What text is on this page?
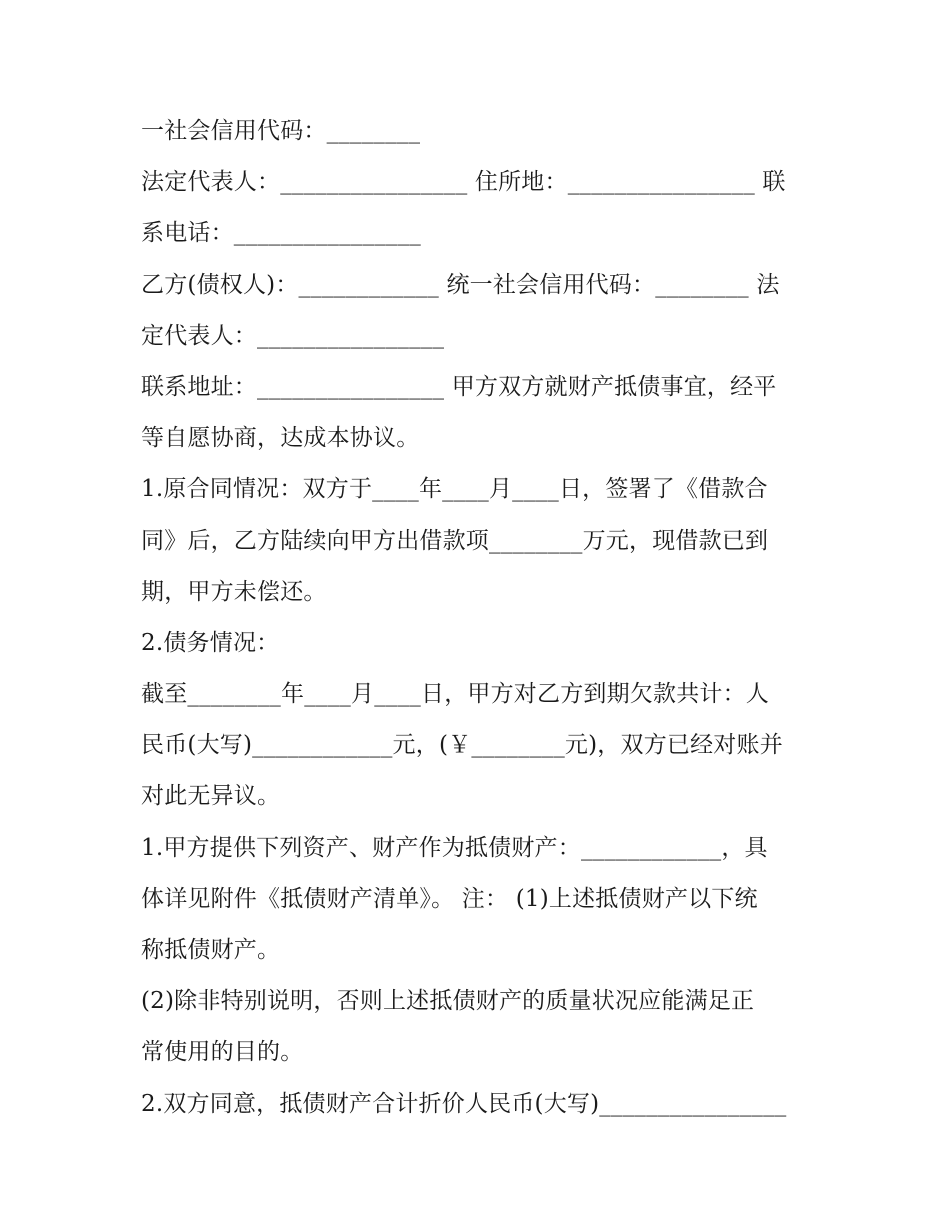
一社会信用代码：________
法定代表人：________________ 住所地：________________ 联
系电话：________________
乙方(债权人)：____________ 统一社会信用代码：________ 法
定代表人：________________
联系地址：________________ 甲方双方就财产抵债事宜，经平
等自愿协商，达成本协议。
1.原合同情况：双方于____年____月____日，签署了《借款合
同》后，乙方陆续向甲方出借款项________万元，现借款已到
期，甲方未偿还。
2.债务情况：
截至________年____月____日，甲方对乙方到期欠款共计：人
民币(大写)____________元，(￥________元)，双方已经对账并
对此无异议。
1.甲方提供下列资产、财产作为抵债财产：____________，具
体详见附件《抵债财产清单》。 注： (1)上述抵债财产以下统
称抵债财产。
(2)除非特别说明，否则上述抵债财产的质量状况应能满足正
常使用的目的。
2.双方同意，抵债财产合计折价人民币(大写)________________
